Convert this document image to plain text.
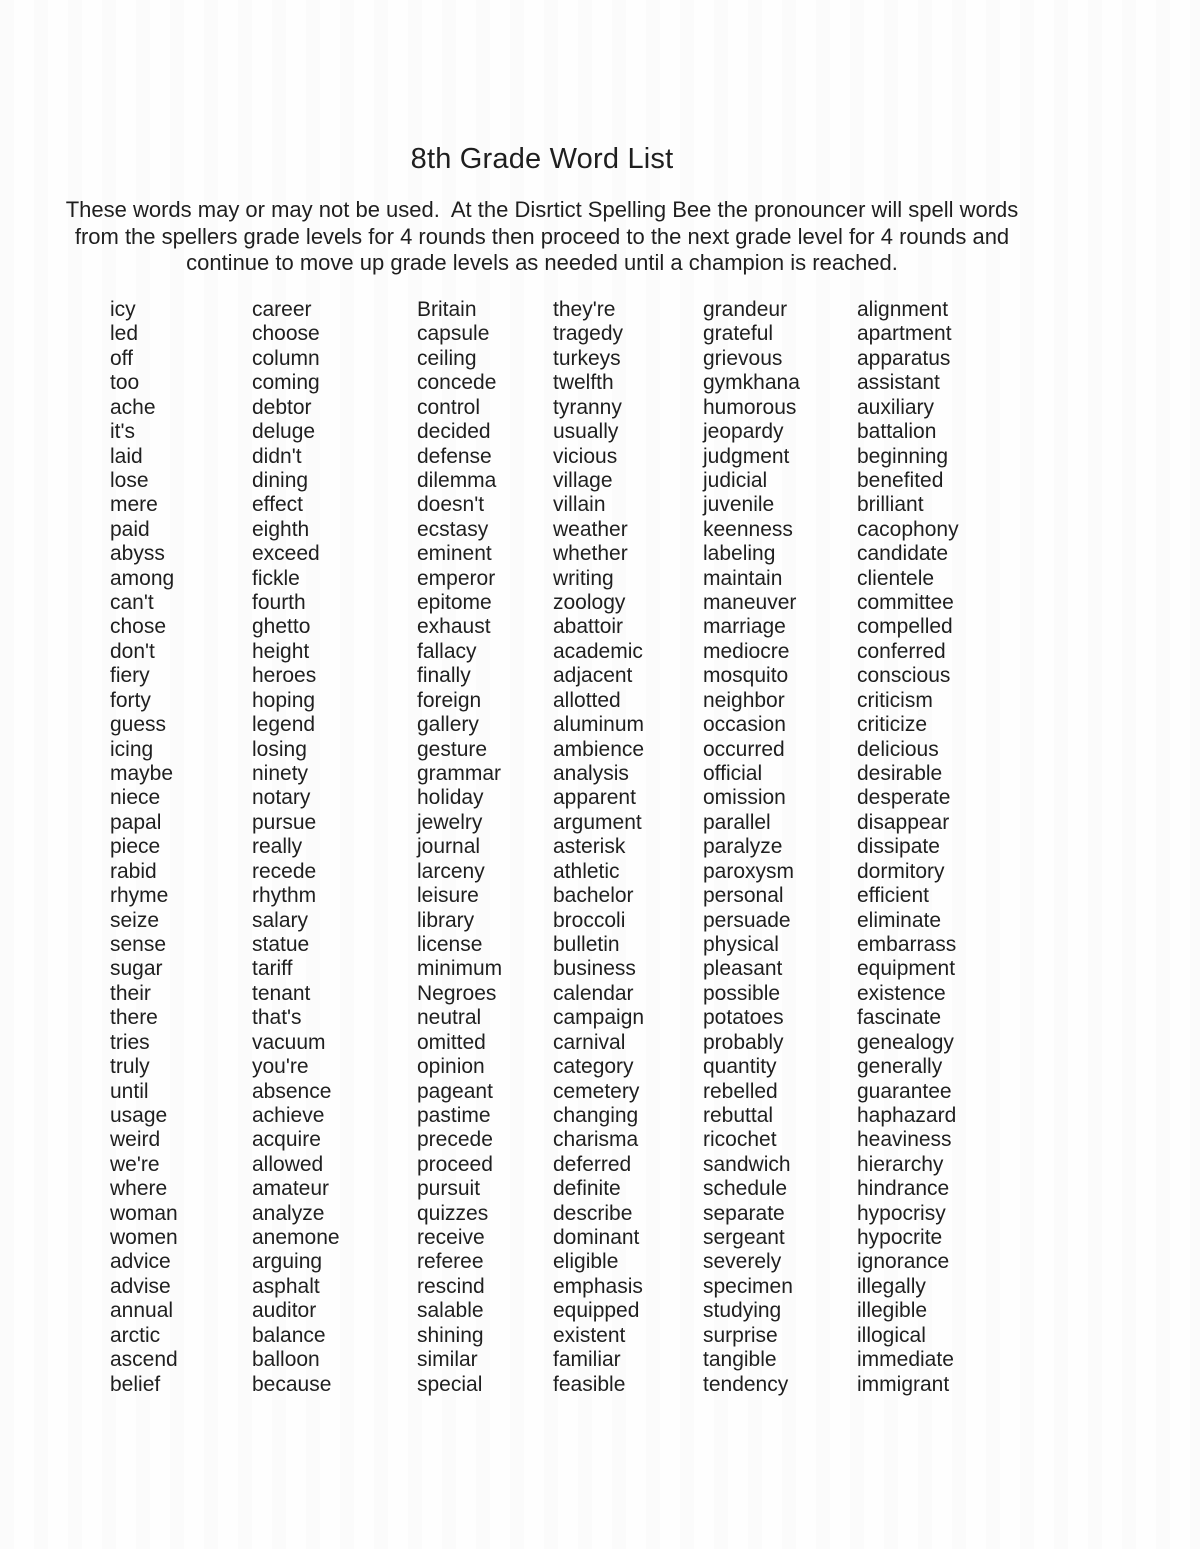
8th Grade Word List
These words may or may not be used.  At the Disrtict Spelling Bee the pronouncer will spell words
from the spellers grade levels for 4 rounds then proceed to the next grade level for 4 rounds and
continue to move up grade levels as needed until a champion is reached.
icy
led
off
too
ache
it's
laid
lose
mere
paid
abyss
among
can't
chose
don't
fiery
forty
guess
icing
maybe
niece
papal
piece
rabid
rhyme
seize
sense
sugar
their
there
tries
truly
until
usage
weird
we're
where
woman
women
advice
advise
annual
arctic
ascend
belief
career
choose
column
coming
debtor
deluge
didn't
dining
effect
eighth
exceed
fickle
fourth
ghetto
height
heroes
hoping
legend
losing
ninety
notary
pursue
really
recede
rhythm
salary
statue
tariff
tenant
that's
vacuum
you're
absence
achieve
acquire
allowed
amateur
analyze
anemone
arguing
asphalt
auditor
balance
balloon
because
Britain
capsule
ceiling
concede
control
decided
defense
dilemma
doesn't
ecstasy
eminent
emperor
epitome
exhaust
fallacy
finally
foreign
gallery
gesture
grammar
holiday
jewelry
journal
larceny
leisure
library
license
minimum
Negroes
neutral
omitted
opinion
pageant
pastime
precede
proceed
pursuit
quizzes
receive
referee
rescind
salable
shining
similar
special
they're
tragedy
turkeys
twelfth
tyranny
usually
vicious
village
villain
weather
whether
writing
zoology
abattoir
academic
adjacent
allotted
aluminum
ambience
analysis
apparent
argument
asterisk
athletic
bachelor
broccoli
bulletin
business
calendar
campaign
carnival
category
cemetery
changing
charisma
deferred
definite
describe
dominant
eligible
emphasis
equipped
existent
familiar
feasible
grandeur
grateful
grievous
gymkhana
humorous
jeopardy
judgment
judicial
juvenile
keenness
labeling
maintain
maneuver
marriage
mediocre
mosquito
neighbor
occasion
occurred
official
omission
parallel
paralyze
paroxysm
personal
persuade
physical
pleasant
possible
potatoes
probably
quantity
rebelled
rebuttal
ricochet
sandwich
schedule
separate
sergeant
severely
specimen
studying
surprise
tangible
tendency
alignment
apartment
apparatus
assistant
auxiliary
battalion
beginning
benefited
brilliant
cacophony
candidate
clientele
committee
compelled
conferred
conscious
criticism
criticize
delicious
desirable
desperate
disappear
dissipate
dormitory
efficient
eliminate
embarrass
equipment
existence
fascinate
genealogy
generally
guarantee
haphazard
heaviness
hierarchy
hindrance
hypocrisy
hypocrite
ignorance
illegally
illegible
illogical
immediate
immigrant
